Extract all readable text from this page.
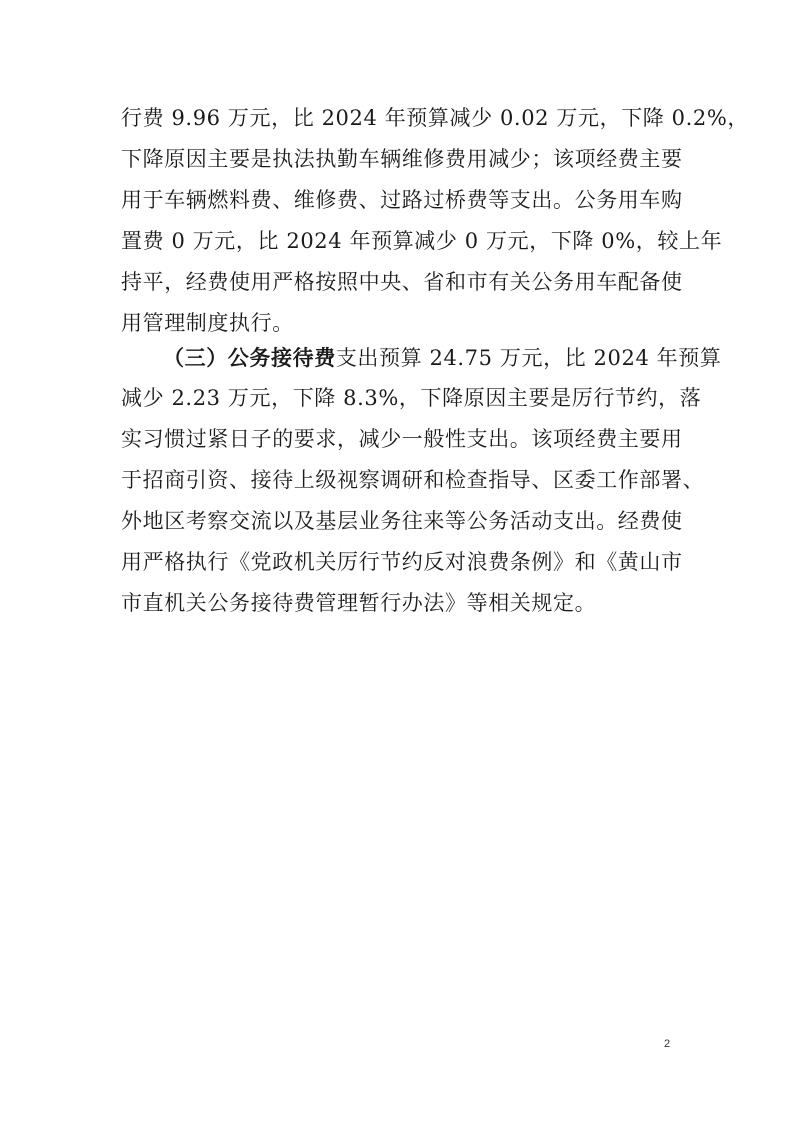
行费 9.96 万元，比 2024 年预算减少 0.02 万元，下降 0.2%，
下降原因主要是执法执勤车辆维修费用减少；该项经费主要
用于车辆燃料费、维修费、过路过桥费等支出。公务用车购
置费 0 万元，比 2024 年预算减少 0 万元，下降 0%，较上年
持平，经费使用严格按照中央、省和市有关公务用车配备使
用管理制度执行。
（三）公务接待费支出预算 24.75 万元，比 2024 年预算
减少 2.23 万元，下降 8.3%，下降原因主要是厉行节约，落
实习惯过紧日子的要求，减少一般性支出。该项经费主要用
于招商引资、接待上级视察调研和检查指导、区委工作部署、
外地区考察交流以及基层业务往来等公务活动支出。经费使
用严格执行《党政机关厉行节约反对浪费条例》和《黄山市
市直机关公务接待费管理暂行办法》等相关规定。
2
